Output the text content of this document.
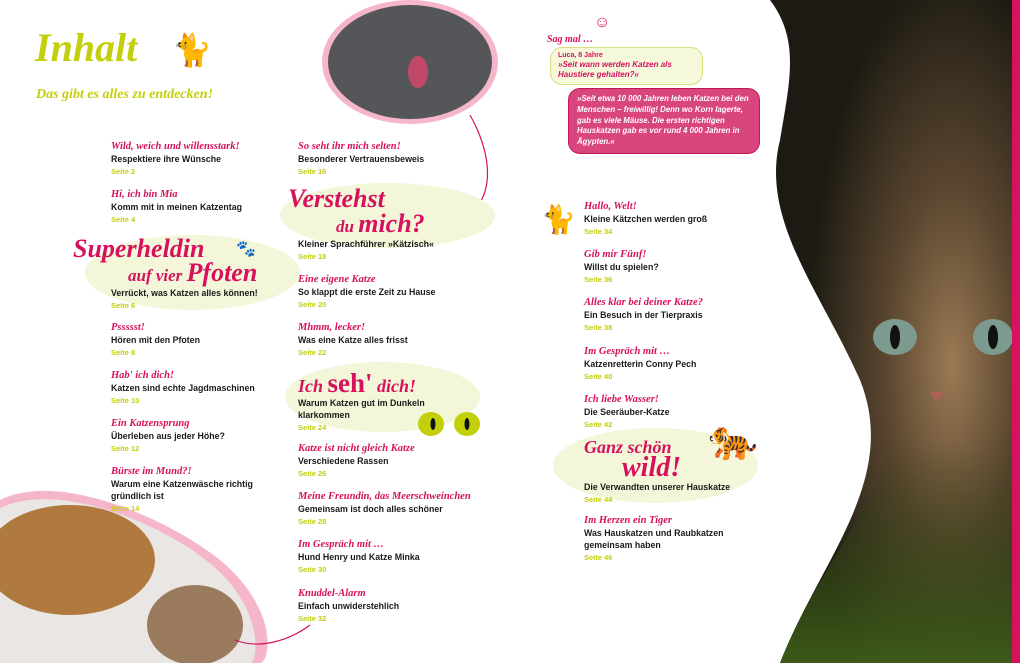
Inhalt 🐈
Das gibt es alles zu entdecken!
Superheldin 🐾
auf vier Pfoten
Verstehst
du mich?
Ich seh' dich!
Ganz schön
wild!
🐅
🐈
Sag mal …
☺
Luca, 8 Jahre
»Seit wann werden Katzen als Haustiere gehalten?«
»Seit etwa 10 000 Jahren leben Katzen bei den Menschen – freiwillig! Denn wo Korn lagerte, gab es viele Mäuse. Die ersten richtigen Hauskatzen gab es vor rund 4 000 Jahren in Ägypten.«
Wild, weich und willensstark!
Respektiere ihre Wünsche
Seite 2
Hi, ich bin Mia
Komm mit in meinen Katzentag
Seite 4
Verrückt, was Katzen alles können!
Seite 6
Pssssst!
Hören mit den Pfoten
Seite 8
Hab' ich dich!
Katzen sind echte Jagdmaschinen
Seite 10
Ein Katzensprung
Überleben aus jeder Höhe?
Seite 12
Bürste im Mund?!
Warum eine Katzenwäsche richtig gründlich ist
Seite 14
So seht ihr mich selten!
Besonderer Vertrauensbeweis
Seite 16
Kleiner Sprachführer »Kätzisch«
Seite 18
Eine eigene Katze
So klappt die erste Zeit zu Hause
Seite 20
Mhmm, lecker!
Was eine Katze alles frisst
Seite 22
Warum Katzen gut im Dunkeln klarkommen
Seite 24
Katze ist nicht gleich Katze
Verschiedene Rassen
Seite 26
Meine Freundin, das Meerschweinchen
Gemeinsam ist doch alles schöner
Seite 28
Im Gespräch mit …
Hund Henry und Katze Minka
Seite 30
Knuddel-Alarm
Einfach unwiderstehlich
Seite 32
Hallo, Welt!
Kleine Kätzchen werden groß
Seite 34
Gib mir Fünf!
Willst du spielen?
Seite 36
Alles klar bei deiner Katze?
Ein Besuch in der Tierpraxis
Seite 38
Im Gespräch mit …
Katzenretterin Conny Pech
Seite 40
Ich liebe Wasser!
Die Seeräuber-Katze
Seite 42
Die Verwandten unserer Hauskatze
Seite 44
Im Herzen ein Tiger
Was Hauskatzen und Raubkatzen gemeinsam haben
Seite 46
